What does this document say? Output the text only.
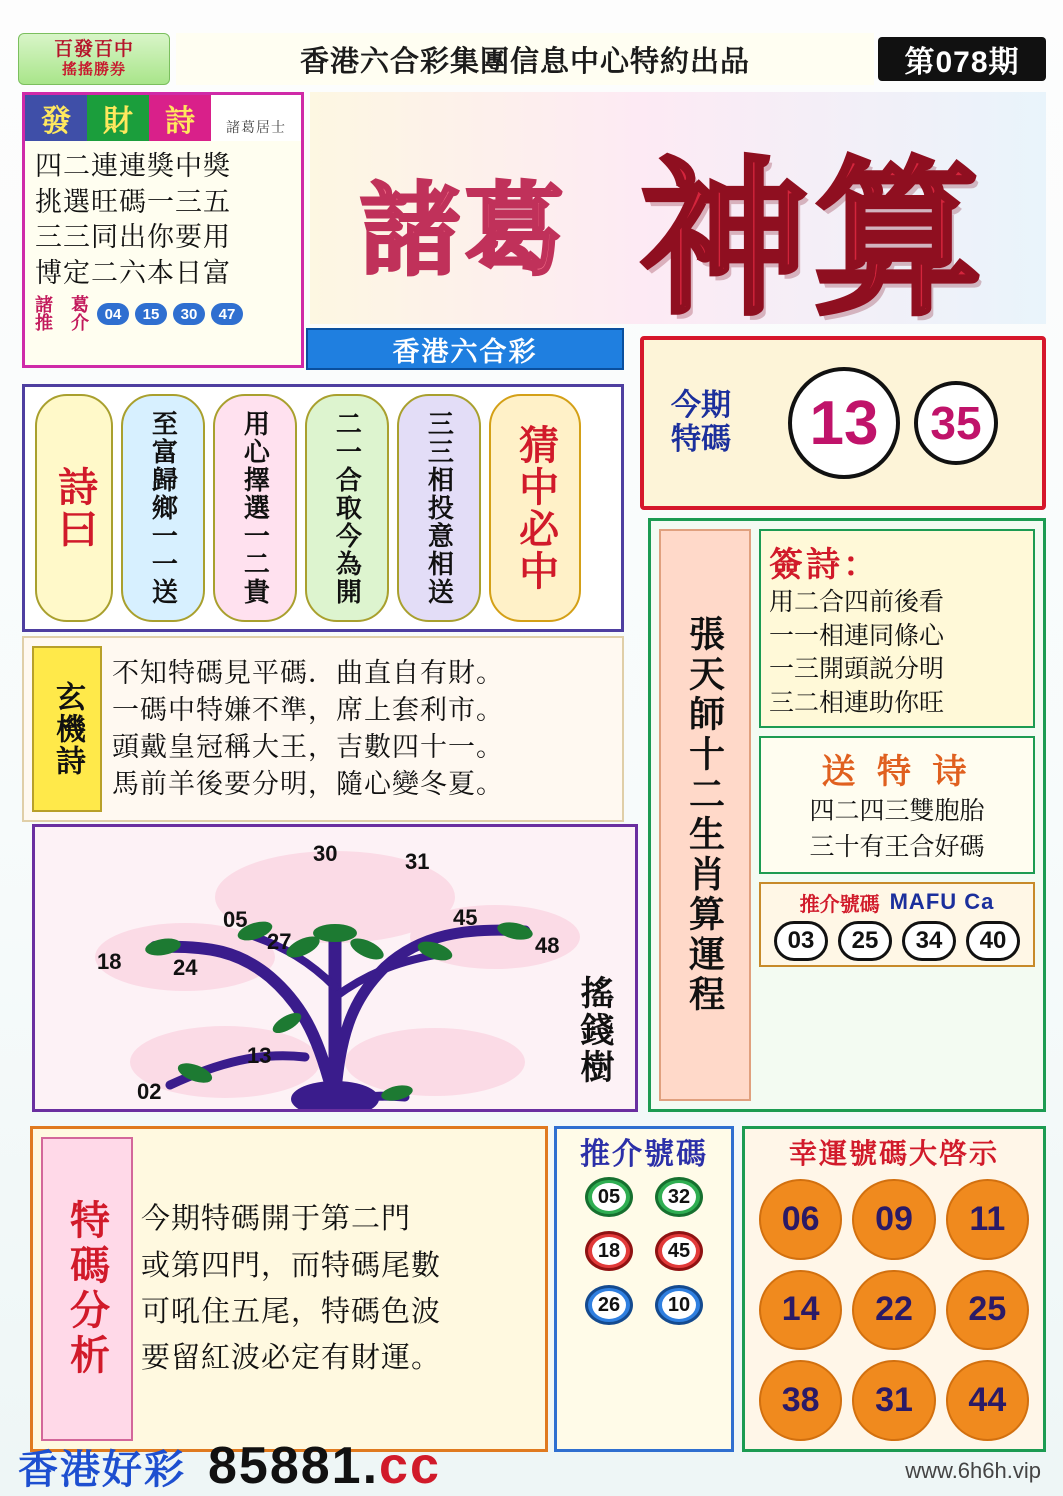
百發百中
搖搖勝券	香港六合彩集團信息中心特約出品	第078期
發	財	詩	諸葛居士
四二連連獎中獎
挑選旺碼一三五
三三同出你要用
博定二六本日富
諸　葛
推　介	04	15	30	47
諸葛 神算
香港六合彩
今期特碼	13	35
詩曰 至富歸鄉一一送 用心擇選一二貴 二一合取今為開 三三相投意相送 猜中必中
玄機詩
不知特碼見平碼．曲直自有財。
一碼中特嫌不準，席上套利市。
頭戴皇冠稱大王，吉數四十一。
馬前羊後要分明，隨心變冬夏。
30	31
05	45
27	48
18 24
13
02
搖錢樹
張天師十二生肖算運程
簽詩：
用二合四前後看
一一相連同條心
一三開頭説分明
三二相連助你旺
送 特 诗
四二四三雙胞胎
三十有王合好碼
推介號碼 MAFU Ca
03	25	34	40
特碼分析 今期特碼開于第二門
或第四門，而特碼尾數
可吼住五尾，特碼色波
要留紅波必定有財運。
推介號碼
05 32
18 45
26 10
幸運號碼大啓示
06	09	11
14	22	25
38	31	44
香港好彩 85881.cc	www.6h6h.vip
